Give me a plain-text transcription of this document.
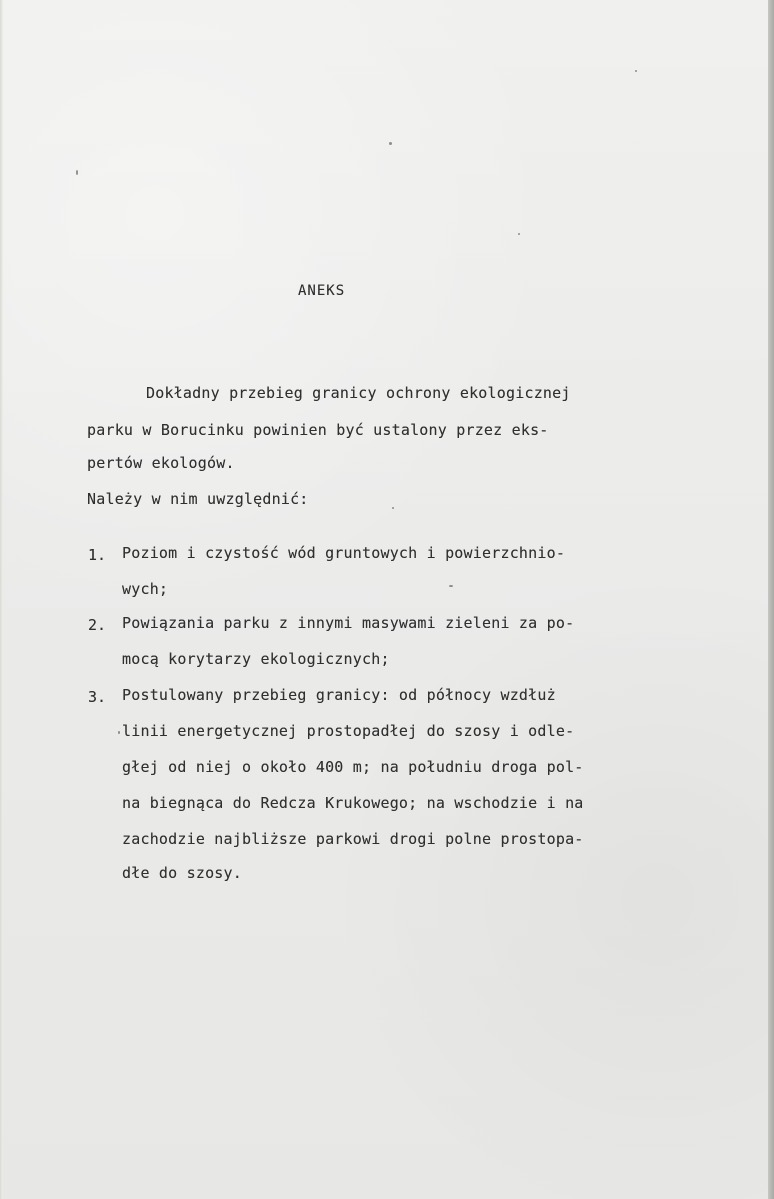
ANEKS
Dokładny przebieg granicy ochrony ekologicznej
parku w Borucinku powinien być ustalony przez eks-
pertów ekologów.
Należy w nim uwzględnić:
1. Poziom i czystość wód gruntowych i powierzchnio-
wych;
2. Powiązania parku z innymi masywami zieleni za po-
mocą korytarzy ekologicznych;
3. Postulowany przebieg granicy: od północy wzdłuż
linii energetycznej prostopadłej do szosy i odle-
głej od niej o około 400 m; na południu droga pol-
na biegnąca do Redcza Krukowego; na wschodzie i na
zachodzie najbliższe parkowi drogi polne prostopa-
dłe do szosy.
